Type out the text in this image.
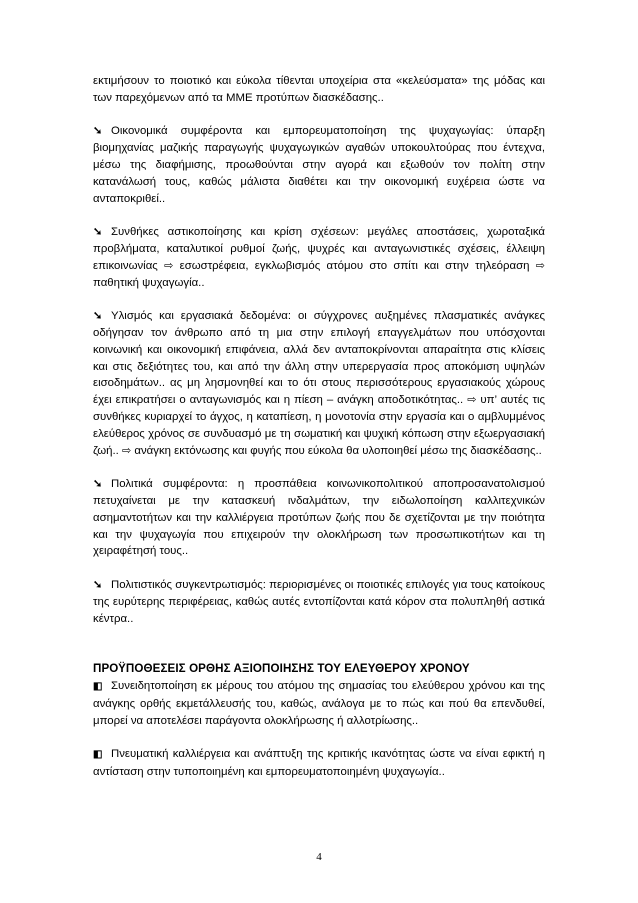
εκτιμήσουν το ποιοτικό και εύκολα τίθενται υποχείρια στα «κελεύσματα» της μόδας και των παρεχόμενων από τα ΜΜΕ προτύπων διασκέδασης..

➘ Οικονομικά συμφέροντα και εμπορευματοποίηση της ψυχαγωγίας: ύπαρξη βιομηχανίας μαζικής παραγωγής ψυχαγωγικών αγαθών υποκουλτούρας που έντεχνα, μέσω της διαφήμισης, προωθούνται στην αγορά και εξωθούν τον πολίτη στην κατανάλωσή τους, καθώς μάλιστα διαθέτει και την οικονομική ευχέρεια ώστε να ανταποκριθεί..

➘ Συνθήκες αστικοποίησης και κρίση σχέσεων: μεγάλες αποστάσεις, χωροταξικά προβλήματα, καταλυτικοί ρυθμοί ζωής, ψυχρές και ανταγωνιστικές σχέσεις, έλλειψη επικοινωνίας ⇨ εσωστρέφεια, εγκλωβισμός ατόμου στο σπίτι και στην τηλεόραση ⇨ παθητική ψυχαγωγία..

➘ Υλισμός και εργασιακά δεδομένα: οι σύγχρονες αυξημένες πλασματικές ανάγκες οδήγησαν τον άνθρωπο από τη μια στην επιλογή επαγγελμάτων που υπόσχονται κοινωνική και οικονομική επιφάνεια, αλλά δεν ανταποκρίνονται απαραίτητα στις κλίσεις και στις δεξιότητες του, και από την άλλη στην υπερεργασία προς αποκόμιση υψηλών εισοδημάτων.. ας μη λησμονηθεί και το ότι στους περισσότερους εργασιακούς χώρους έχει επικρατήσει ο ανταγωνισμός και η πίεση – ανάγκη αποδοτικότητας.. ⇨ υπ’ αυτές τις συνθήκες κυριαρχεί το άγχος, η καταπίεση, η μονοτονία στην εργασία και ο αμβλυμμένος ελεύθερος χρόνος σε συνδυασμό με τη σωματική και ψυχική κόπωση στην εξωεργασιακή ζωή.. ⇨ ανάγκη εκτόνωσης και φυγής που εύκολα θα υλοποιηθεί μέσω της διασκέδασης..

➘ Πολιτικά συμφέροντα: η προσπάθεια κοινωνικοπολιτικού αποπροσανατολισμού πετυχαίνεται με την κατασκευή ινδαλμάτων, την ειδωλοποίηση καλλιτεχνικών ασημαντοτήτων και την καλλιέργεια προτύπων ζωής που δε σχετίζονται με την ποιότητα και την ψυχαγωγία που επιχειρούν την ολοκλήρωση των προσωπικοτήτων και τη χειραφέτησή τους..

➘ Πολιτιστικός συγκεντρωτισμός: περιορισμένες οι ποιοτικές επιλογές για τους κατοίκους της ευρύτερης περιφέρειας, καθώς αυτές εντοπίζονται κατά κόρον στα πολυπληθή αστικά κέντρα..

ΠΡΟΫΠΟΘΕΣΕΙΣ ΟΡΘΗΣ ΑΞΙΟΠΟΙΗΣΗΣ ΤΟΥ ΕΛΕΥΘΕΡΟΥ ΧΡΟΝΟΥ

◧ Συνειδητοποίηση εκ μέρους του ατόμου της σημασίας του ελεύθερου χρόνου και της ανάγκης ορθής εκμετάλλευσής του, καθώς, ανάλογα με το πώς και πού θα επενδυθεί, μπορεί να αποτελέσει παράγοντα ολοκλήρωσης ή αλλοτρίωσης..

◧ Πνευματική καλλιέργεια και ανάπτυξη της κριτικής ικανότητας ώστε να είναι εφικτή η αντίσταση στην τυποποιημένη και εμπορευματοποιημένη ψυχαγωγία..

4
